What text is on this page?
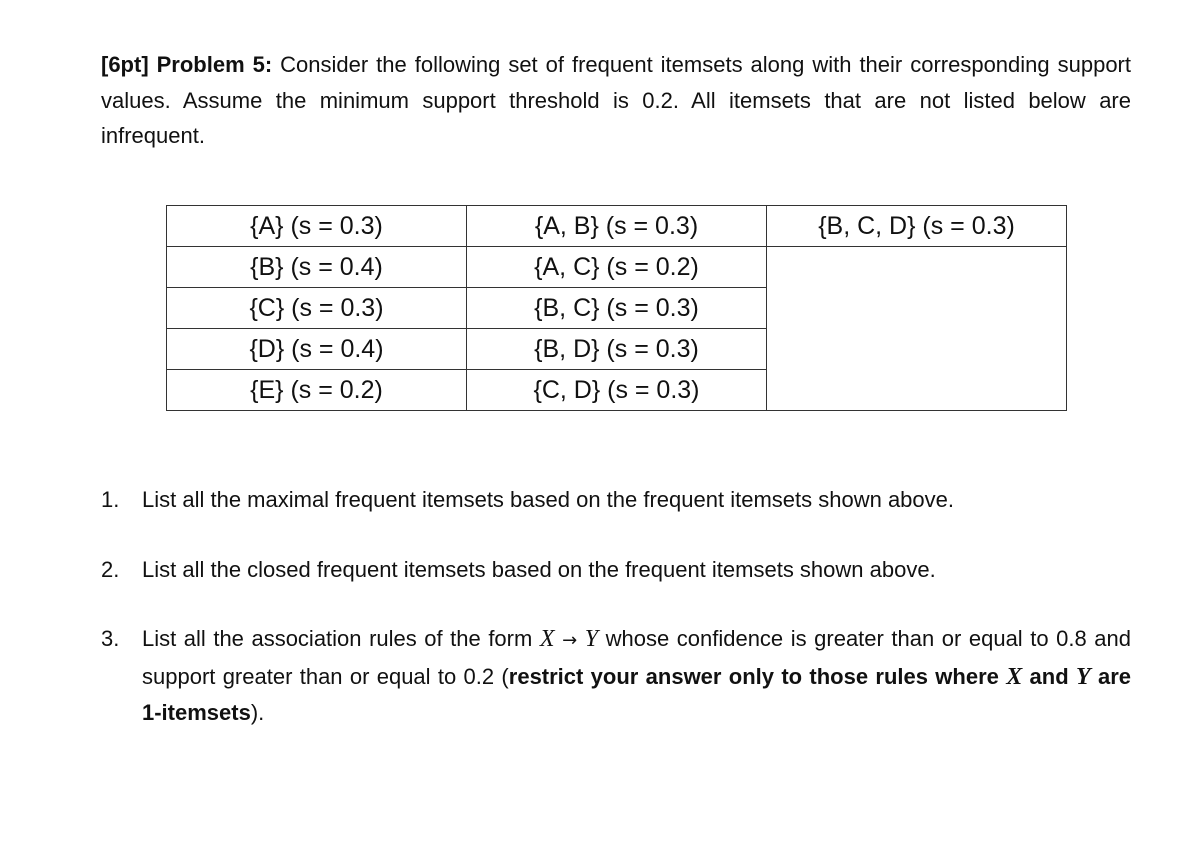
[6pt] Problem 5: Consider the following set of frequent itemsets along with their corresponding support values. Assume the minimum support threshold is 0.2. All itemsets that are not listed below are infrequent.

{A} (s = 0.3)	{A, B} (s = 0.3)	{B, C, D} (s = 0.3)
{B} (s = 0.4)	{A, C} (s = 0.2)	
{C} (s = 0.3)	{B, C} (s = 0.3)	
{D} (s = 0.4)	{B, D} (s = 0.3)	
{E} (s = 0.2)	{C, D} (s = 0.3)	
1. List all the maximal frequent itemsets based on the frequent itemsets shown above.
2. List all the closed frequent itemsets based on the frequent itemsets shown above.
3. List all the association rules of the form X → Y whose confidence is greater than or equal to 0.8 and support greater than or equal to 0.2 (restrict your answer only to those rules where X and Y are 1-itemsets).
